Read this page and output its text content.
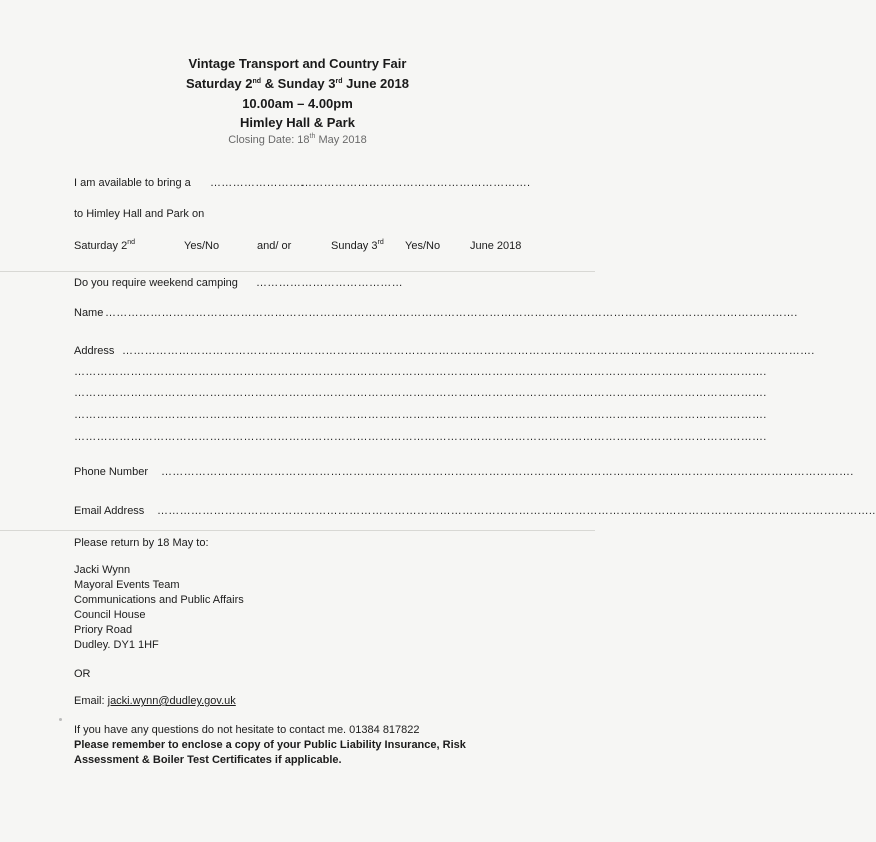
Vintage Transport and Country Fair
Saturday 2nd & Sunday 3rd June 2018
10.00am – 4.00pm
Himley Hall & Park
Closing Date: 18th May 2018
I am available to bring a …………………….
…………………………………………………….
to Himley Hall and Park on
Saturday 2nd	Yes/No	and/ or	Sunday 3rd Yes/No	June 2018
Do you require weekend camping …………………………………
Name ………………………………………………………………………………………………………………………………………………………………….
Address ………………………………………………………………………………………………………………………………………………………………….
………………………………………………………………………………………………………………………………………………………………….
………………………………………………………………………………………………………………………………………………………………….
………………………………………………………………………………………………………………………………………………………………….
………………………………………………………………………………………………………………………………………………………………….
Phone Number ………………………………………………………………………………………………………………………………………………………………….
Email Address ………………………………………………………………………………………………………………………………………………………………………..
Please return by 18 May to:
Jacki Wynn
Mayoral Events Team
Communications and Public Affairs
Council House
Priory Road
Dudley. DY1 1HF
OR
Email: jacki.wynn@dudley.gov.uk
If you have any questions do not hesitate to contact me. 01384 817822
Please remember to enclose a copy of your Public Liability Insurance, Risk
Assessment & Boiler Test Certificates if applicable.
